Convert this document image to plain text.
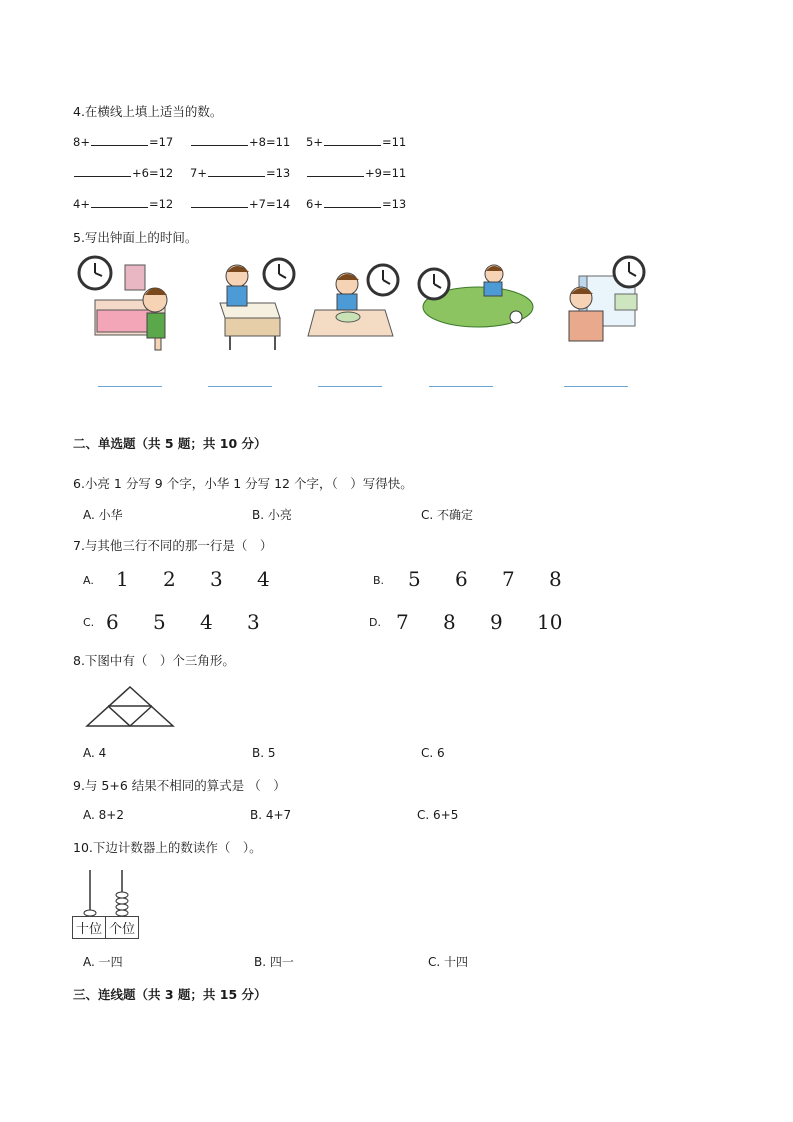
4.在横线上填上适当的数。
8+	=17	+8=11 5+	=11
+6=12 7+	=13	+9=11
4+	=12	+7=14 6+	=13
5.写出钟面上的时间。
二、单选题（共 5 题；共 10 分）
6.小亮 1 分写 9 个字，小华 1 分写 12 个字，（　）写得快。
A. 小华	B. 小亮	C. 不确定
7.与其他三行不同的那一行是（　）
A. 1 2 3 4	B. 5 6 7 8
C. 6 5 4 3	D. 7 8 9 10
8.下图中有（　）个三角形。
A. 4	B. 5	C. 6
9.与 5+6 结果不相同的算式是 （　）
A. 8+2	B. 4+7	C. 6+5
10.下边计数器上的数读作（　）。
十位 个位
A. 一四	B. 四一	C. 十四
三、连线题（共 3 题；共 15 分）
